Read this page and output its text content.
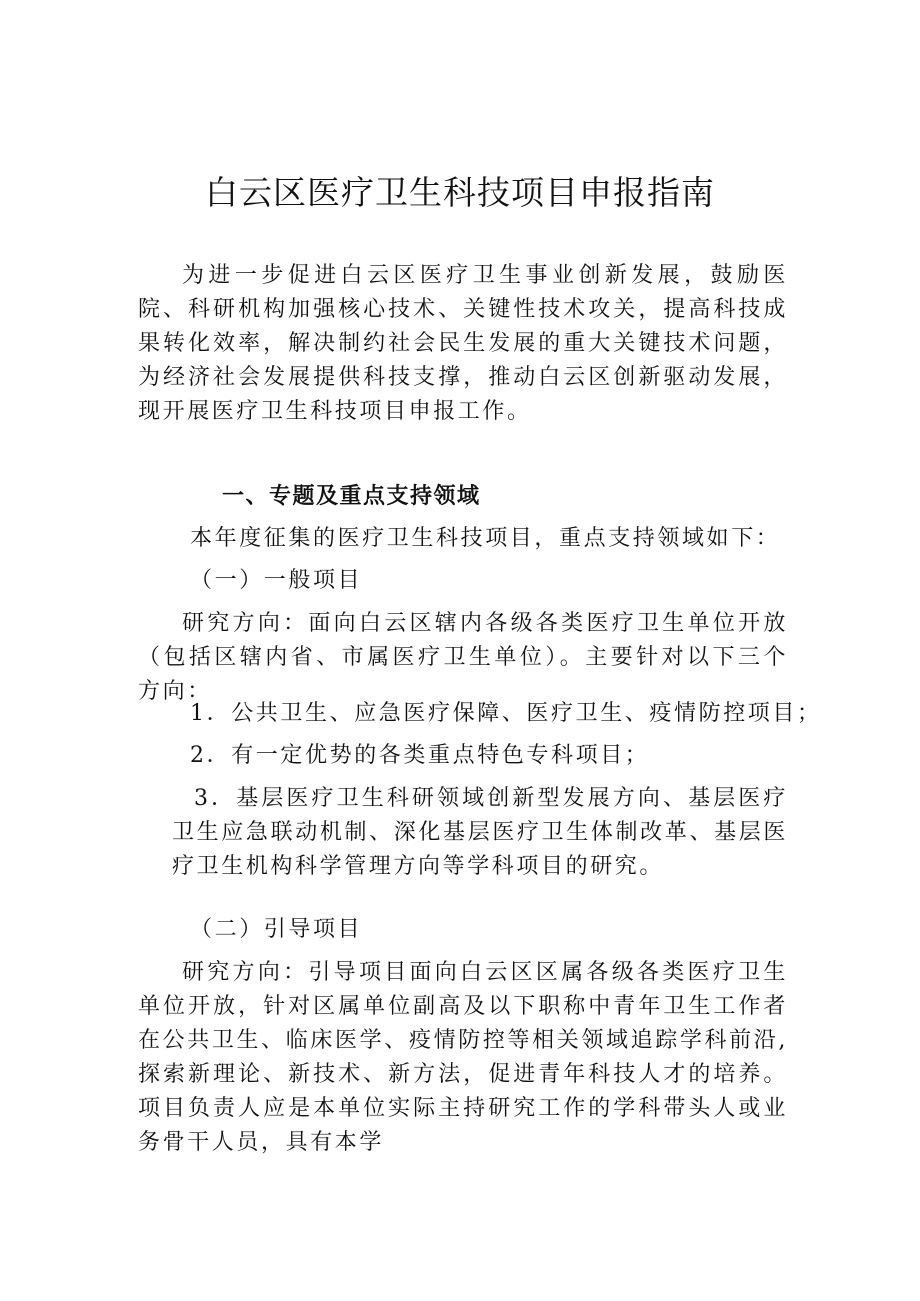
白云区医疗卫生科技项目申报指南

为进一步促进白云区医疗卫生事业创新发展，鼓励医院、科研机构加强核心技术、关键性技术攻关，提高科技成果转化效率，解决制约社会民生发展的重大关键技术问题，为经济社会发展提供科技支撑，推动白云区创新驱动发展，现开展医疗卫生科技项目申报工作。

一、专题及重点支持领域

本年度征集的医疗卫生科技项目，重点支持领域如下：

（一）一般项目

研究方向：面向白云区辖内各级各类医疗卫生单位开放（包括区辖内省、市属医疗卫生单位）。主要针对以下三个方向：

1．公共卫生、应急医疗保障、医疗卫生、疫情防控项目；

2．有一定优势的各类重点特色专科项目；

3．基层医疗卫生科研领域创新型发展方向、基层医疗卫生应急联动机制、深化基层医疗卫生体制改革、基层医疗卫生机构科学管理方向等学科项目的研究。

（二）引导项目

研究方向：引导项目面向白云区区属各级各类医疗卫生单位开放，针对区属单位副高及以下职称中青年卫生工作者在公共卫生、临床医学、疫情防控等相关领域追踪学科前沿,探索新理论、新技术、新方法，促进青年科技人才的培养。项目负责人应是本单位实际主持研究工作的学科带头人或业务骨干人员，具有本学
